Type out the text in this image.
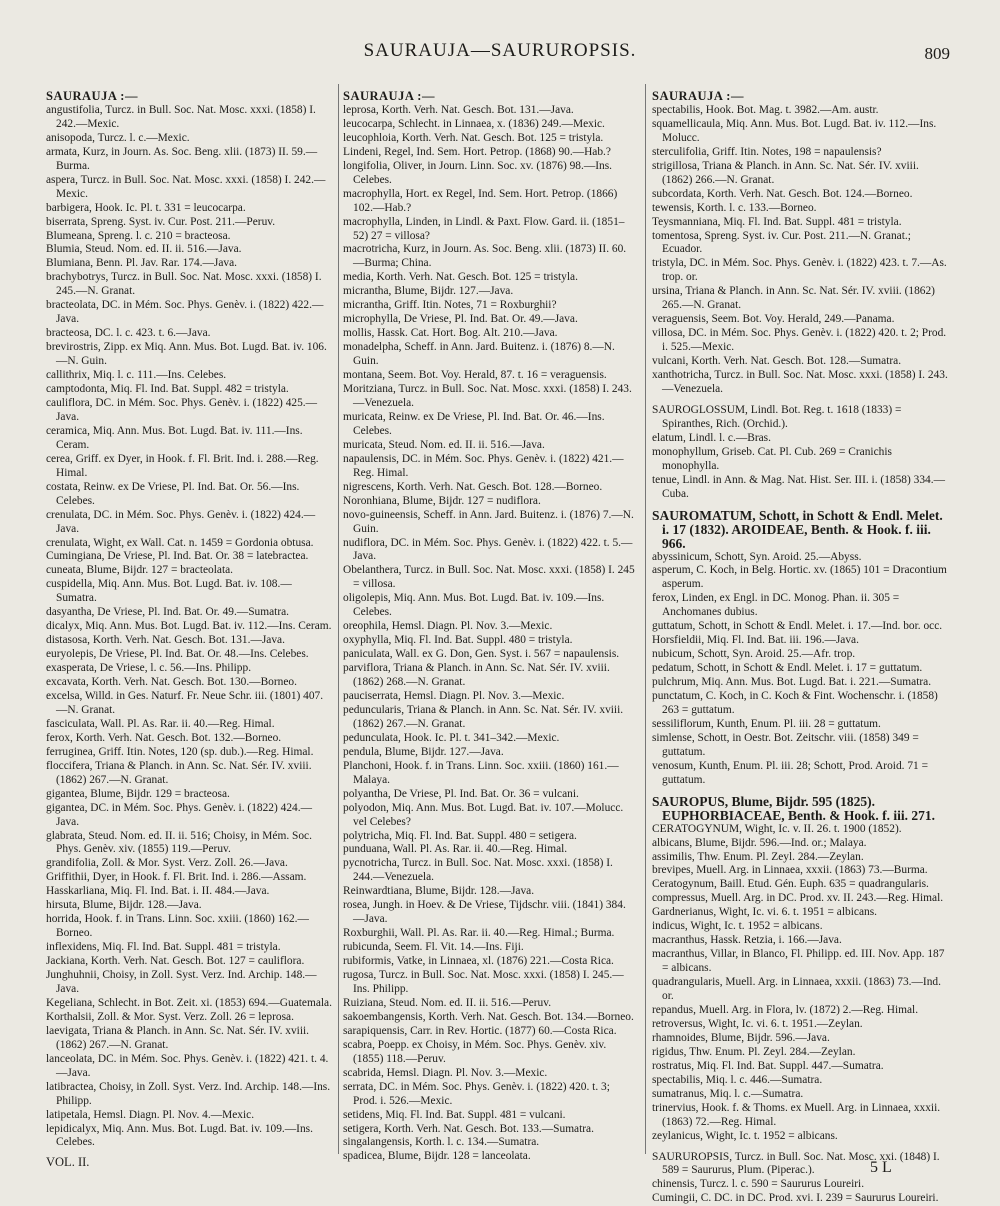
SAURAUJA—SAURUROPSIS.	809
SAURAUJA :—
angustifolia, Turcz. in Bull. Soc. Nat. Mosc. xxxi. (1858) I. 242.—Mexic.
anisopoda, Turcz. l. c.—Mexic.
armata, Kurz, in Journ. As. Soc. Beng. xlii. (1873) II. 59.—Burma.
aspera, Turcz. in Bull. Soc. Nat. Mosc. xxxi. (1858) I. 242.—Mexic.
barbigera, Hook. Ic. Pl. t. 331 = leucocarpa.
biserrata, Spreng. Syst. iv. Cur. Post. 211.—Peruv.
Blumeana, Spreng. l. c. 210 = bracteosa.
Blumia, Steud. Nom. ed. II. ii. 516.—Java.
Blumiana, Benn. Pl. Jav. Rar. 174.—Java.
brachybotrys, Turcz. in Bull. Soc. Nat. Mosc. xxxi. (1858) I. 245.—N. Granat.
bracteolata, DC. in Mém. Soc. Phys. Genèv. i. (1822) 422.—Java.
bracteosa, DC. l. c. 423. t. 6.—Java.
brevirostris, Zipp. ex Miq. Ann. Mus. Bot. Lugd. Bat. iv. 106.—N. Guin.
callithrix, Miq. l. c. 111.—Ins. Celebes.
camptodonta, Miq. Fl. Ind. Bat. Suppl. 482 = tristyla.
cauliflora, DC. in Mém. Soc. Phys. Genèv. i. (1822) 425.—Java.
ceramica, Miq. Ann. Mus. Bot. Lugd. Bat. iv. 111.—Ins. Ceram.
cerea, Griff. ex Dyer, in Hook. f. Fl. Brit. Ind. i. 288.—Reg. Himal.
costata, Reinw. ex De Vriese, Pl. Ind. Bat. Or. 56.—Ins. Celebes.
crenulata, DC. in Mém. Soc. Phys. Genèv. i. (1822) 424.—Java.
crenulata, Wight, ex Wall. Cat. n. 1459 = Gordonia obtusa.
Cumingiana, De Vriese, Pl. Ind. Bat. Or. 38 = latebractea.
cuneata, Blume, Bijdr. 127 = bracteolata.
cuspidella, Miq. Ann. Mus. Bot. Lugd. Bat. iv. 108.—Sumatra.
dasyantha, De Vriese, Pl. Ind. Bat. Or. 49.—Sumatra.
dicalyx, Miq. Ann. Mus. Bot. Lugd. Bat. iv. 112.—Ins. Ceram.
distasosa, Korth. Verh. Nat. Gesch. Bot. 131.—Java.
euryolepis, De Vriese, Pl. Ind. Bat. Or. 48.—Ins. Celebes.
exasperata, De Vriese, l. c. 56.—Ins. Philipp.
excavata, Korth. Verh. Nat. Gesch. Bot. 130.—Borneo.
excelsa, Willd. in Ges. Naturf. Fr. Neue Schr. iii. (1801) 407.—N. Granat.
fasciculata, Wall. Pl. As. Rar. ii. 40.—Reg. Himal.
ferox, Korth. Verh. Nat. Gesch. Bot. 132.—Borneo.
ferruginea, Griff. Itin. Notes, 120 (sp. dub.).—Reg. Himal.
floccifera, Triana & Planch. in Ann. Sc. Nat. Sér. IV. xviii. (1862) 267.—N. Granat.
gigantea, Blume, Bijdr. 129 = bracteosa.
gigantea, DC. in Mém. Soc. Phys. Genèv. i. (1822) 424.—Java.
glabrata, Steud. Nom. ed. II. ii. 516; Choisy, in Mém. Soc. Phys. Genèv. xiv. (1855) 119.—Peruv.
grandifolia, Zoll. & Mor. Syst. Verz. Zoll. 26.—Java.
Griffithii, Dyer, in Hook. f. Fl. Brit. Ind. i. 286.—Assam.
Hasskarliana, Miq. Fl. Ind. Bat. i. II. 484.—Java.
hirsuta, Blume, Bijdr. 128.—Java.
horrida, Hook. f. in Trans. Linn. Soc. xxiii. (1860) 162.—Borneo.
inflexidens, Miq. Fl. Ind. Bat. Suppl. 481 = tristyla.
Jackiana, Korth. Verh. Nat. Gesch. Bot. 127 = cauliflora.
Junghuhnii, Choisy, in Zoll. Syst. Verz. Ind. Archip. 148.—Java.
Kegeliana, Schlecht. in Bot. Zeit. xi. (1853) 694.—Guatemala.
Korthalsii, Zoll. & Mor. Syst. Verz. Zoll. 26 = leprosa.
laevigata, Triana & Planch. in Ann. Sc. Nat. Sér. IV. xviii. (1862) 267.—N. Granat.
lanceolata, DC. in Mém. Soc. Phys. Genèv. i. (1822) 421. t. 4.—Java.
latibractea, Choisy, in Zoll. Syst. Verz. Ind. Archip. 148.—Ins. Philipp.
latipetala, Hemsl. Diagn. Pl. Nov. 4.—Mexic.
lepidicalyx, Miq. Ann. Mus. Bot. Lugd. Bat. iv. 109.—Ins. Celebes.
SAURAUJA :—
leprosa, Korth. Verh. Nat. Gesch. Bot. 131.—Java.
leucocarpa, Schlecht. in Linnaea, x. (1836) 249.—Mexic.
leucophloia, Korth. Verh. Nat. Gesch. Bot. 125 = tristyla.
Lindeni, Regel, Ind. Sem. Hort. Petrop. (1868) 90.—Hab.?
longifolia, Oliver, in Journ. Linn. Soc. xv. (1876) 98.—Ins. Celebes.
macrophylla, Hort. ex Regel, Ind. Sem. Hort. Petrop. (1866) 102.—Hab.?
macrophylla, Linden, in Lindl. & Paxt. Flow. Gard. ii. (1851–52) 27 = villosa?
macrotricha, Kurz, in Journ. As. Soc. Beng. xlii. (1873) II. 60.—Burma; China.
media, Korth. Verh. Nat. Gesch. Bot. 125 = tristyla.
micrantha, Blume, Bijdr. 127.—Java.
micrantha, Griff. Itin. Notes, 71 = Roxburghii?
microphylla, De Vriese, Pl. Ind. Bat. Or. 49.—Java.
mollis, Hassk. Cat. Hort. Bog. Alt. 210.—Java.
monadelpha, Scheff. in Ann. Jard. Buitenz. i. (1876) 8.—N. Guin.
montana, Seem. Bot. Voy. Herald, 87. t. 16 = veraguensis.
Moritziana, Turcz. in Bull. Soc. Nat. Mosc. xxxi. (1858) I. 243.—Venezuela.
muricata, Reinw. ex De Vriese, Pl. Ind. Bat. Or. 46.—Ins. Celebes.
muricata, Steud. Nom. ed. II. ii. 516.—Java.
napaulensis, DC. in Mém. Soc. Phys. Genèv. i. (1822) 421.—Reg. Himal.
nigrescens, Korth. Verh. Nat. Gesch. Bot. 128.—Borneo.
Noronhiana, Blume, Bijdr. 127 = nudiflora.
novo-guineensis, Scheff. in Ann. Jard. Buitenz. i. (1876) 7.—N. Guin.
nudiflora, DC. in Mém. Soc. Phys. Genèv. i. (1822) 422. t. 5.—Java.
Obelanthera, Turcz. in Bull. Soc. Nat. Mosc. xxxi. (1858) I. 245 = villosa.
oligolepis, Miq. Ann. Mus. Bot. Lugd. Bat. iv. 109.—Ins. Celebes.
oreophila, Hemsl. Diagn. Pl. Nov. 3.—Mexic.
oxyphylla, Miq. Fl. Ind. Bat. Suppl. 480 = tristyla.
paniculata, Wall. ex G. Don, Gen. Syst. i. 567 = napaulensis.
parviflora, Triana & Planch. in Ann. Sc. Nat. Sér. IV. xviii. (1862) 268.—N. Granat.
pauciserrata, Hemsl. Diagn. Pl. Nov. 3.—Mexic.
peduncularis, Triana & Planch. in Ann. Sc. Nat. Sér. IV. xviii. (1862) 267.—N. Granat.
pedunculata, Hook. Ic. Pl. t. 341–342.—Mexic.
pendula, Blume, Bijdr. 127.—Java.
Planchoni, Hook. f. in Trans. Linn. Soc. xxiii. (1860) 161.—Malaya.
polyantha, De Vriese, Pl. Ind. Bat. Or. 36 = vulcani.
polyodon, Miq. Ann. Mus. Bot. Lugd. Bat. iv. 107.—Molucc. vel Celebes?
polytricha, Miq. Fl. Ind. Bat. Suppl. 480 = setigera.
punduana, Wall. Pl. As. Rar. ii. 40.—Reg. Himal.
pycnotricha, Turcz. in Bull. Soc. Nat. Mosc. xxxi. (1858) I. 244.—Venezuela.
Reinwardtiana, Blume, Bijdr. 128.—Java.
rosea, Jungh. in Hoev. & De Vriese, Tijdschr. viii. (1841) 384.—Java.
Roxburghii, Wall. Pl. As. Rar. ii. 40.—Reg. Himal.; Burma.
rubicunda, Seem. Fl. Vit. 14.—Ins. Fiji.
rubiformis, Vatke, in Linnaea, xl. (1876) 221.—Costa Rica.
rugosa, Turcz. in Bull. Soc. Nat. Mosc. xxxi. (1858) I. 245.—Ins. Philipp.
Ruiziana, Steud. Nom. ed. II. ii. 516.—Peruv.
sakoembangensis, Korth. Verh. Nat. Gesch. Bot. 134.—Borneo.
sarapiquensis, Carr. in Rev. Hortic. (1877) 60.—Costa Rica.
scabra, Poepp. ex Choisy, in Mém. Soc. Phys. Genèv. xiv. (1855) 118.—Peruv.
scabrida, Hemsl. Diagn. Pl. Nov. 3.—Mexic.
serrata, DC. in Mém. Soc. Phys. Genèv. i. (1822) 420. t. 3; Prod. i. 526.—Mexic.
setidens, Miq. Fl. Ind. Bat. Suppl. 481 = vulcani.
setigera, Korth. Verh. Nat. Gesch. Bot. 133.—Sumatra.
singalangensis, Korth. l. c. 134.—Sumatra.
spadicea, Blume, Bijdr. 128 = lanceolata.
SAURAUJA :—
spectabilis, Hook. Bot. Mag. t. 3982.—Am. austr.
squamellicaula, Miq. Ann. Mus. Bot. Lugd. Bat. iv. 112.—Ins. Molucc.
sterculifolia, Griff. Itin. Notes, 198 = napaulensis?
strigillosa, Triana & Planch. in Ann. Sc. Nat. Sér. IV. xviii. (1862) 266.—N. Granat.
subcordata, Korth. Verh. Nat. Gesch. Bot. 124.—Borneo.
tewensis, Korth. l. c. 133.—Borneo.
Teysmanniana, Miq. Fl. Ind. Bat. Suppl. 481 = tristyla.
tomentosa, Spreng. Syst. iv. Cur. Post. 211.—N. Granat.; Ecuador.
tristyla, DC. in Mém. Soc. Phys. Genèv. i. (1822) 423. t. 7.—As. trop. or.
ursina, Triana & Planch. in Ann. Sc. Nat. Sér. IV. xviii. (1862) 265.—N. Granat.
veraguensis, Seem. Bot. Voy. Herald, 249.—Panama.
villosa, DC. in Mém. Soc. Phys. Genèv. i. (1822) 420. t. 2; Prod. i. 525.—Mexic.
vulcani, Korth. Verh. Nat. Gesch. Bot. 128.—Sumatra.
xanthotricha, Turcz. in Bull. Soc. Nat. Mosc. xxxi. (1858) I. 243.—Venezuela.
SAUROGLOSSUM, Lindl. Bot. Reg. t. 1618 (1833) = Spiranthes, Rich. (Orchid.).
elatum, Lindl. l. c.—Bras.
monophyllum, Griseb. Cat. Pl. Cub. 269 = Cranichis monophylla.
tenue, Lindl. in Ann. & Mag. Nat. Hist. Ser. III. i. (1858) 334.—Cuba.
SAUROMATUM, Schott, in Schott & Endl. Melet. i. 17 (1832). AROIDEAE, Benth. & Hook. f. iii. 966.
abyssinicum, Schott, Syn. Aroid. 25.—Abyss.
asperum, C. Koch, in Belg. Hortic. xv. (1865) 101 = Dracontium asperum.
ferox, Linden, ex Engl. in DC. Monog. Phan. ii. 305 = Anchomanes dubius.
guttatum, Schott, in Schott & Endl. Melet. i. 17.—Ind. bor. occ.
Horsfieldii, Miq. Fl. Ind. Bat. iii. 196.—Java.
nubicum, Schott, Syn. Aroid. 25.—Afr. trop.
pedatum, Schott, in Schott & Endl. Melet. i. 17 = guttatum.
pulchrum, Miq. Ann. Mus. Bot. Lugd. Bat. i. 221.—Sumatra.
punctatum, C. Koch, in C. Koch & Fint. Wochenschr. i. (1858) 263 = guttatum.
sessiliflorum, Kunth, Enum. Pl. iii. 28 = guttatum.
simlense, Schott, in Oestr. Bot. Zeitschr. viii. (1858) 349 = guttatum.
venosum, Kunth, Enum. Pl. iii. 28; Schott, Prod. Aroid. 71 = guttatum.
SAUROPUS, Blume, Bijdr. 595 (1825). EUPHORBIACEAE, Benth. & Hook. f. iii. 271.
CERATOGYNUM, Wight, Ic. v. II. 26. t. 1900 (1852).
albicans, Blume, Bijdr. 596.—Ind. or.; Malaya.
assimilis, Thw. Enum. Pl. Zeyl. 284.—Zeylan.
brevipes, Muell. Arg. in Linnaea, xxxii. (1863) 73.—Burma.
Ceratogynum, Baill. Etud. Gén. Euph. 635 = quadrangularis.
compressus, Muell. Arg. in DC. Prod. xv. II. 243.—Reg. Himal.
Gardnerianus, Wight, Ic. vi. 6. t. 1951 = albicans.
indicus, Wight, Ic. t. 1952 = albicans.
macranthus, Hassk. Retzia, i. 166.—Java.
macranthus, Villar, in Blanco, Fl. Philipp. ed. III. Nov. App. 187 = albicans.
quadrangularis, Muell. Arg. in Linnaea, xxxii. (1863) 73.—Ind. or.
repandus, Muell. Arg. in Flora, lv. (1872) 2.—Reg. Himal.
retroversus, Wight, Ic. vi. 6. t. 1951.—Zeylan.
rhamnoides, Blume, Bijdr. 596.—Java.
rigidus, Thw. Enum. Pl. Zeyl. 284.—Zeylan.
rostratus, Miq. Fl. Ind. Bat. Suppl. 447.—Sumatra.
spectabilis, Miq. l. c. 446.—Sumatra.
sumatranus, Miq. l. c.—Sumatra.
trinervius, Hook. f. & Thoms. ex Muell. Arg. in Linnaea, xxxii. (1863) 72.—Reg. Himal.
zeylanicus, Wight, Ic. t. 1952 = albicans.
SAURUROPSIS, Turcz. in Bull. Soc. Nat. Mosc. xxi. (1848) I. 589 = Saururus, Plum. (Piperac.).
chinensis, Turcz. l. c. 590 = Saururus Loureiri.
Cumingii, C. DC. in DC. Prod. xvi. I. 239 = Saururus Loureiri.
VOL. II.	5 L
